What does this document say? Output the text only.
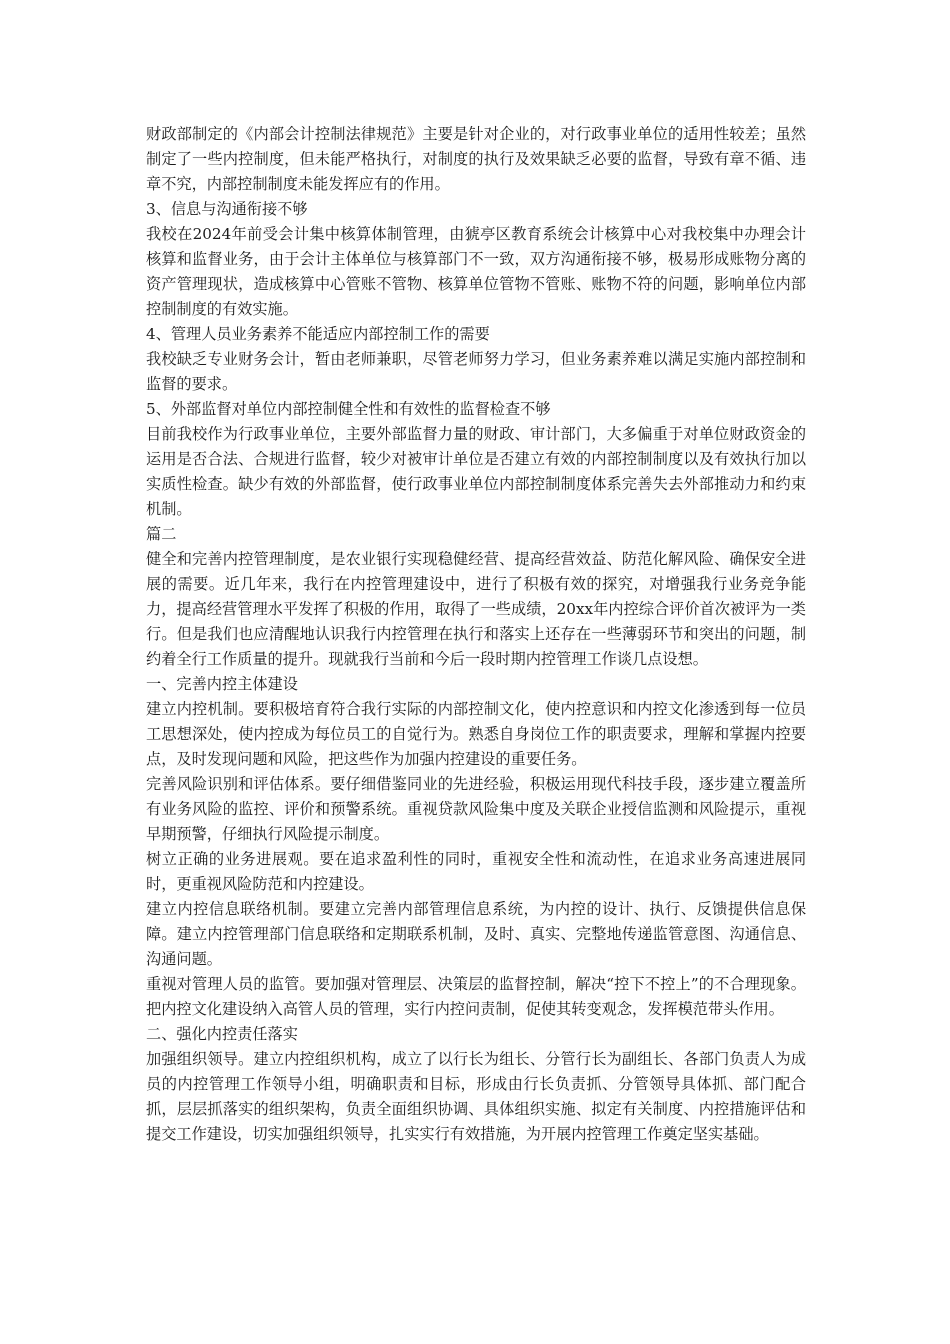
财政部制定的《内部会计控制法律规范》主要是针对企业的，对行政事业单位的适用性较差；虽然制定了一些内控制度，但未能严格执行，对制度的执行及效果缺乏必要的监督，导致有章不循、违章不究，内部控制制度未能发挥应有的作用。

3、信息与沟通衔接不够

我校在2024年前受会计集中核算体制管理，由猇亭区教育系统会计核算中心对我校集中办理会计核算和监督业务，由于会计主体单位与核算部门不一致，双方沟通衔接不够，极易形成账物分离的资产管理现状，造成核算中心管账不管物、核算单位管物不管账、账物不符的问题，影响单位内部控制制度的有效实施。

4、管理人员业务素养不能适应内部控制工作的需要

我校缺乏专业财务会计，暂由老师兼职，尽管老师努力学习，但业务素养难以满足实施内部控制和监督的要求。

5、外部监督对单位内部控制健全性和有效性的监督检查不够

目前我校作为行政事业单位，主要外部监督力量的财政、审计部门，大多偏重于对单位财政资金的运用是否合法、合规进行监督，较少对被审计单位是否建立有效的内部控制制度以及有效执行加以实质性检查。缺少有效的外部监督，使行政事业单位内部控制制度体系完善失去外部推动力和约束机制。

篇二

健全和完善内控管理制度，是农业银行实现稳健经营、提高经营效益、防范化解风险、确保安全进展的需要。近几年来，我行在内控管理建设中，进行了积极有效的探究，对增强我行业务竞争能力，提高经营管理水平发挥了积极的作用，取得了一些成绩，20xx年内控综合评价首次被评为一类行。但是我们也应清醒地认识我行内控管理在执行和落实上还存在一些薄弱环节和突出的问题，制约着全行工作质量的提升。现就我行当前和今后一段时期内控管理工作谈几点设想。

一、完善内控主体建设

建立内控机制。要积极培育符合我行实际的内部控制文化，使内控意识和内控文化渗透到每一位员工思想深处，使内控成为每位员工的自觉行为。熟悉自身岗位工作的职责要求，理解和掌握内控要点，及时发现问题和风险，把这些作为加强内控建设的重要任务。

完善风险识别和评估体系。要仔细借鉴同业的先进经验，积极运用现代科技手段，逐步建立覆盖所有业务风险的监控、评价和预警系统。重视贷款风险集中度及关联企业授信监测和风险提示，重视早期预警，仔细执行风险提示制度。

树立正确的业务进展观。要在追求盈利性的同时，重视安全性和流动性，在追求业务高速进展同时，更重视风险防范和内控建设。

建立内控信息联络机制。要建立完善内部管理信息系统，为内控的设计、执行、反馈提供信息保障。建立内控管理部门信息联络和定期联系机制，及时、真实、完整地传递监管意图、沟通信息、沟通问题。

重视对管理人员的监管。要加强对管理层、决策层的监督控制，解决“控下不控上”的不合理现象。把内控文化建设纳入高管人员的管理，实行内控问责制，促使其转变观念，发挥模范带头作用。

二、强化内控责任落实

加强组织领导。建立内控组织机构，成立了以行长为组长、分管行长为副组长、各部门负责人为成员的内控管理工作领导小组，明确职责和目标，形成由行长负责抓、分管领导具体抓、部门配合抓，层层抓落实的组织架构，负责全面组织协调、具体组织实施、拟定有关制度、内控措施评估和提交工作建设，切实加强组织领导，扎实实行有效措施，为开展内控管理工作奠定坚实基础。
